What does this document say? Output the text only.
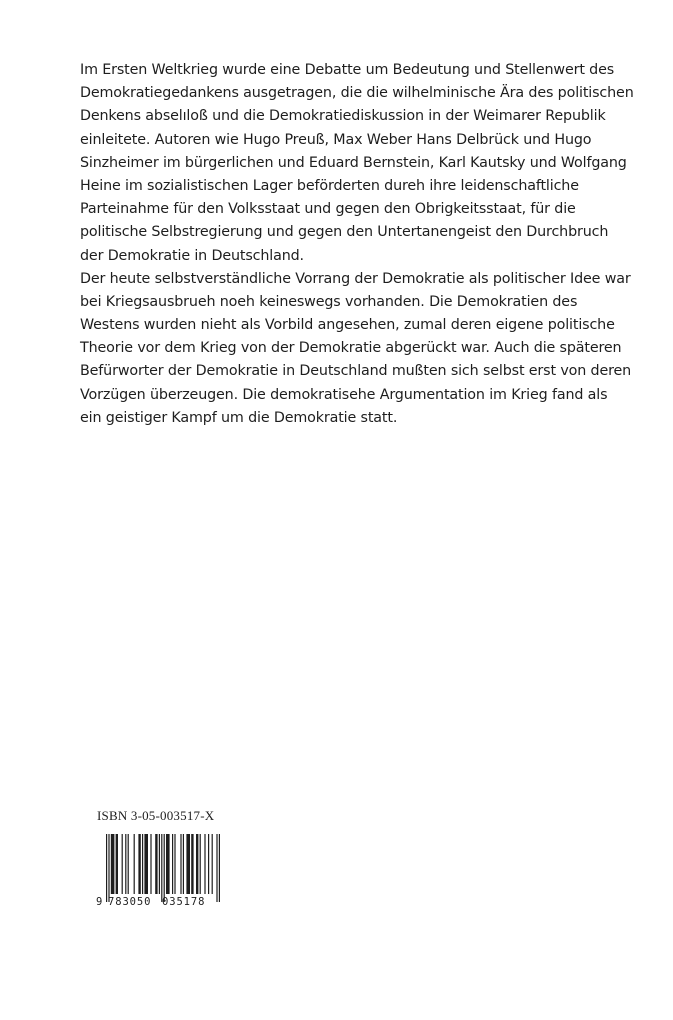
Im Ersten Weltkrieg wurde eine Debatte um Bedeutung und Stellenwert des
Demokratiegedankens ausgetragen, die die wilhelminische Ära des politischen
Denkens abselıloß und die Demokratiediskussion in der Weimarer Republik
einleitete. Autoren wie Hugo Preuß, Max Weber Hans Delbrück und Hugo
Sinzheimer im bürgerlichen und Eduard Bernstein, Karl Kautsky und Wolfgang
Heine im sozialistischen Lager beförderten dureh ihre leidenschaftliche
Parteinahme für den Volksstaat und gegen den Obrigkeitsstaat, für die
politische Selbstregierung und gegen den Untertanengeist den Durchbruch
der Demokratie in Deutschland.
Der heute selbstverständliche Vorrang der Demokratie als politischer Idee war
bei Kriegsausbrueh noeh keineswegs vorhanden. Die Demokratien des
Westens wurden nieht als Vorbild angesehen, zumal deren eigene politische
Theorie vor dem Krieg von der Demokratie abgerückt war. Auch die späteren
Befürworter der Demokratie in Deutschland mußten sich selbst erst von deren
Vorzügen überzeugen. Die demokratisehe Argumentation im Krieg fand als
ein geistiger Kampf um die Demokratie statt.
ISBN 3-05-003517-X
9 783050 035178
